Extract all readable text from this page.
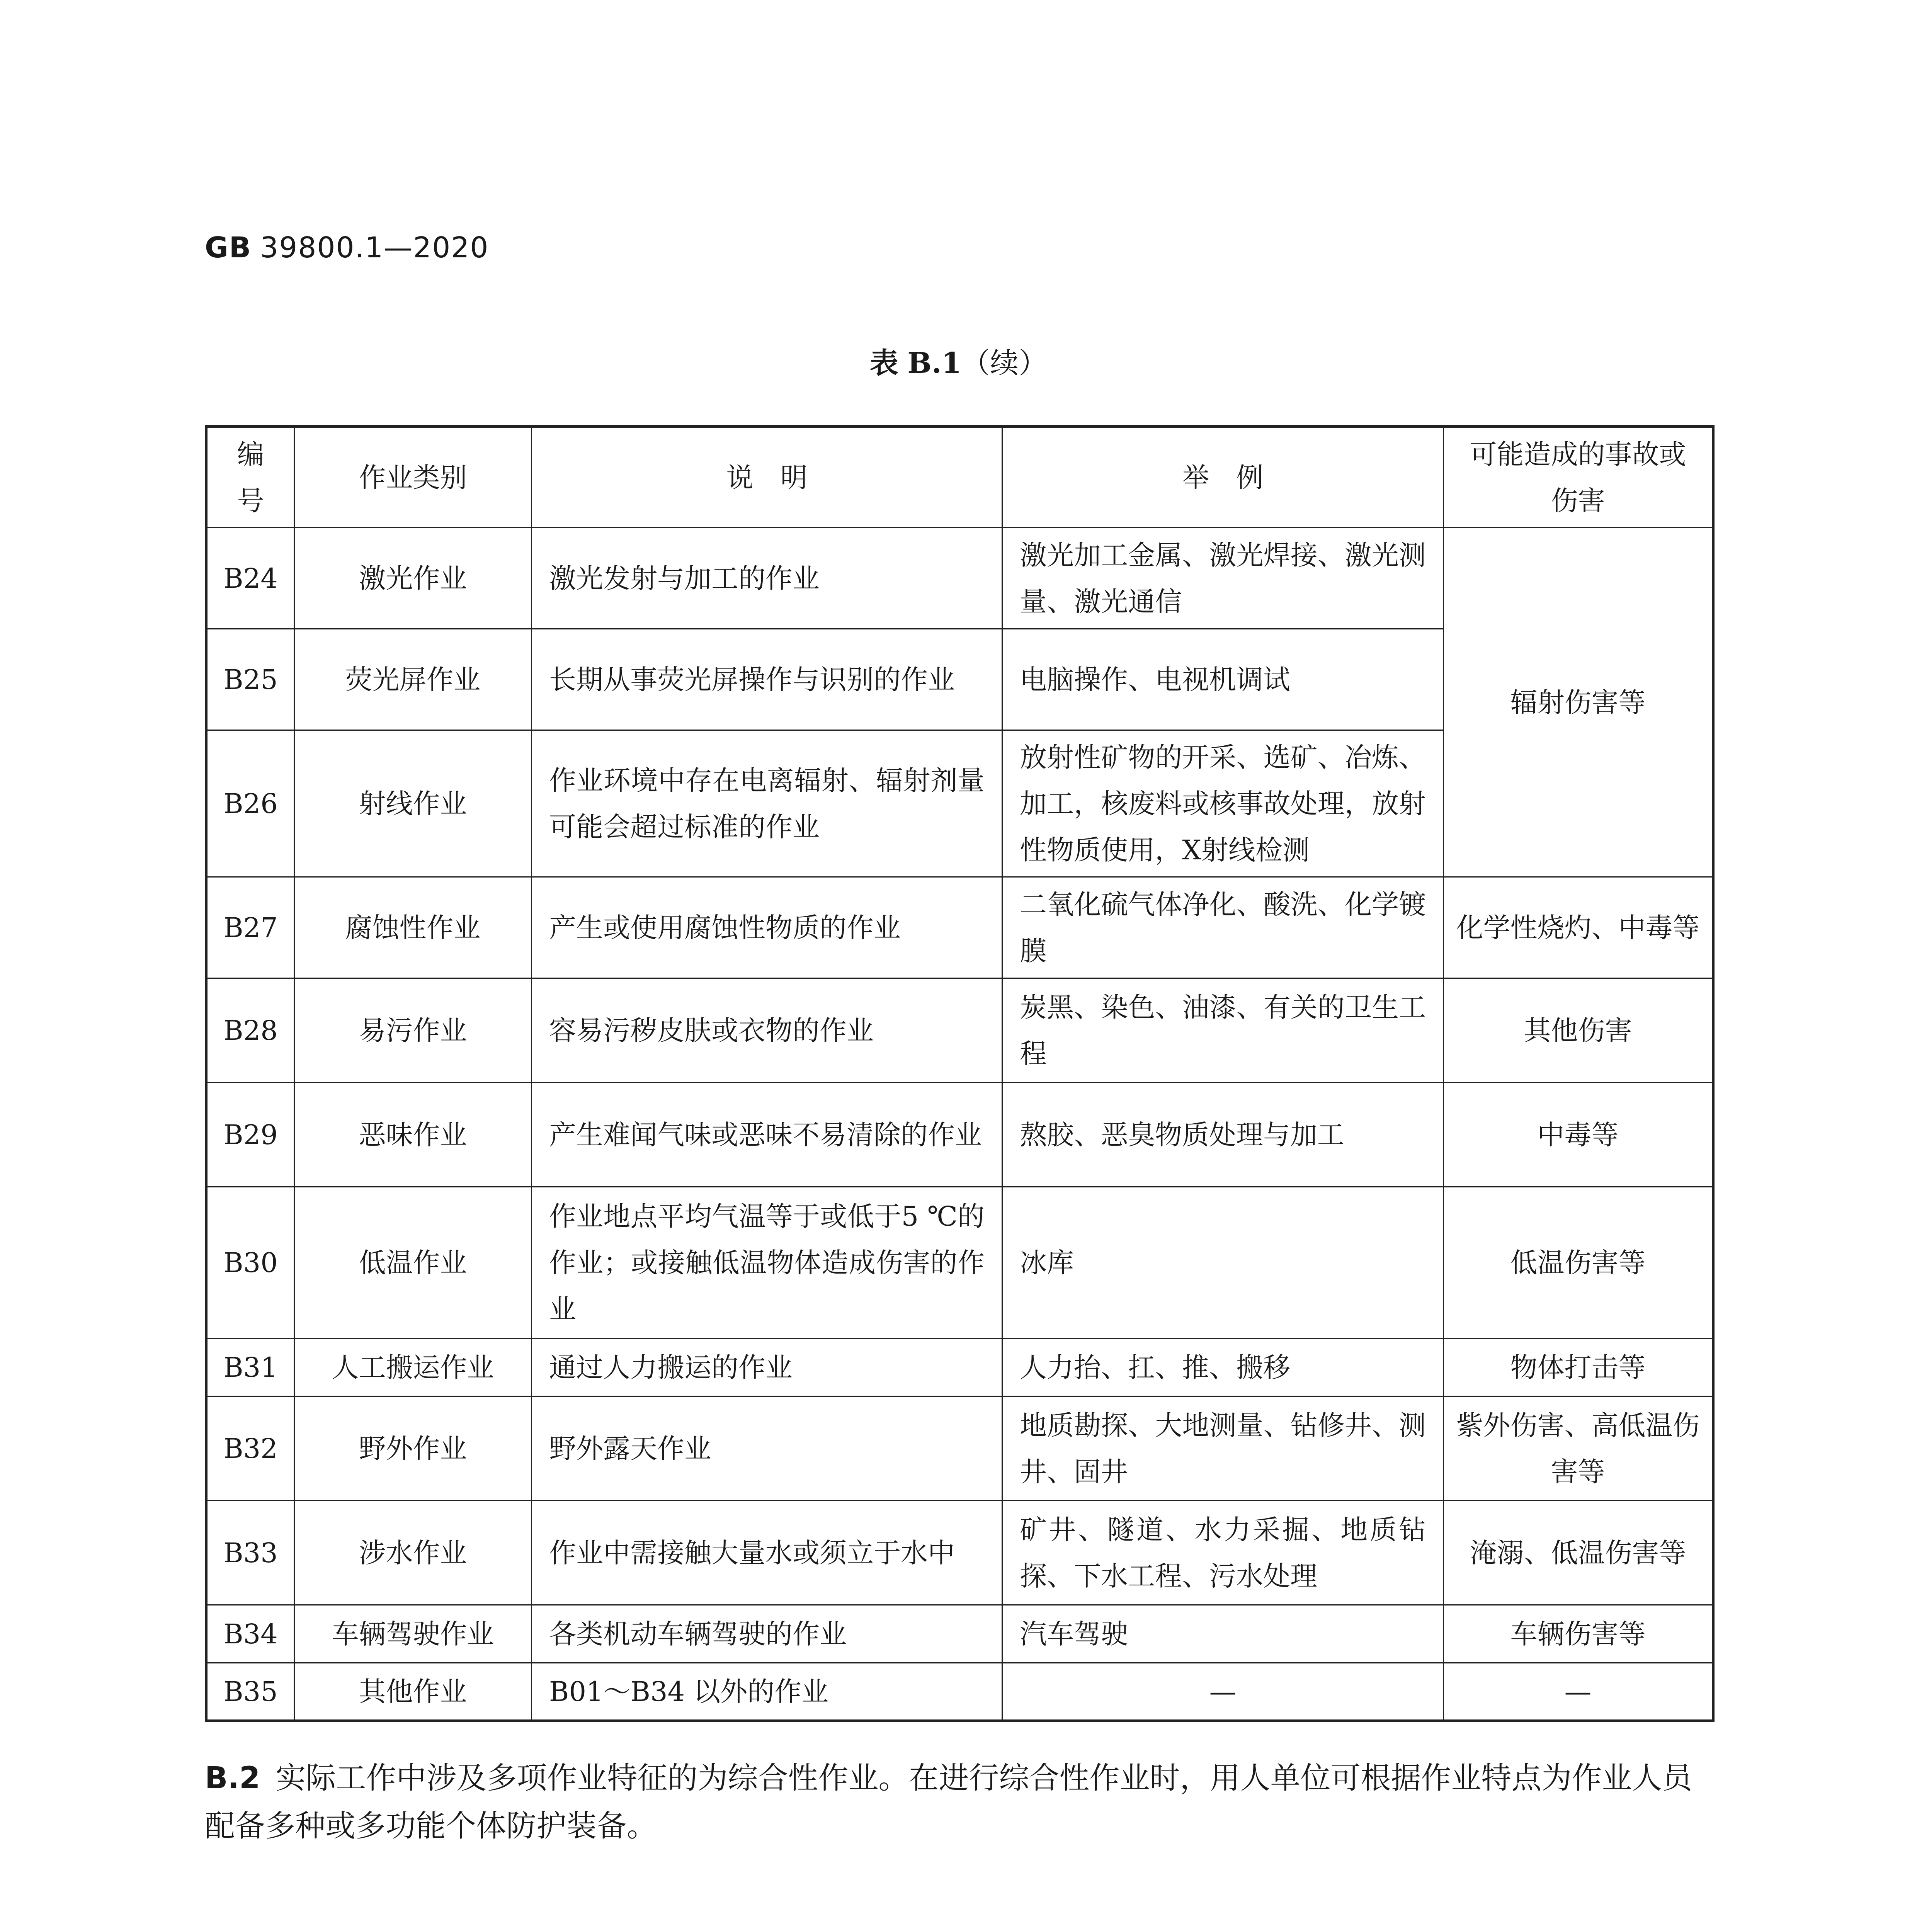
GB 39800.1—2020
表 B.1（续）
编号	作业类别	说　明	举　例	可能造成的事故或伤害
B24	激光作业	激光发射与加工的作业	激光加工金属、激光焊接、激光测量、激光通信	辐射伤害等
B25	荧光屏作业	长期从事荧光屏操作与识别的作业	电脑操作、电视机调试	
B26	射线作业	作业环境中存在电离辐射、辐射剂量可能会超过标准的作业	放射性矿物的开采、选矿、冶炼、加工，核废料或核事故处理，放射性物质使用，X射线检测	
B27	腐蚀性作业	产生或使用腐蚀性物质的作业	二氧化硫气体净化、酸洗、化学镀膜	化学性烧灼、中毒等
B28	易污作业	容易污秽皮肤或衣物的作业	炭黑、染色、油漆、有关的卫生工程	其他伤害
B29	恶味作业	产生难闻气味或恶味不易清除的作业	熬胶、恶臭物质处理与加工	中毒等
B30	低温作业	作业地点平均气温等于或低于5 ℃的作业；或接触低温物体造成伤害的作业	冰库	低温伤害等
B31	人工搬运作业	通过人力搬运的作业	人力抬、扛、推、搬移	物体打击等
B32	野外作业	野外露天作业	地质勘探、大地测量、钻修井、测井、固井	紫外伤害、高低温伤害等
B33	涉水作业	作业中需接触大量水或须立于水中	矿井、隧道、水力采掘、地质钻探、下水工程、污水处理	淹溺、低温伤害等
B34	车辆驾驶作业	各类机动车辆驾驶的作业	汽车驾驶	车辆伤害等
B35	其他作业	B01～B34 以外的作业	—	—
B.2 实际工作中涉及多项作业特征的为综合性作业。在进行综合性作业时，用人单位可根据作业特点为作业人员配备多种或多功能个体防护装备。
